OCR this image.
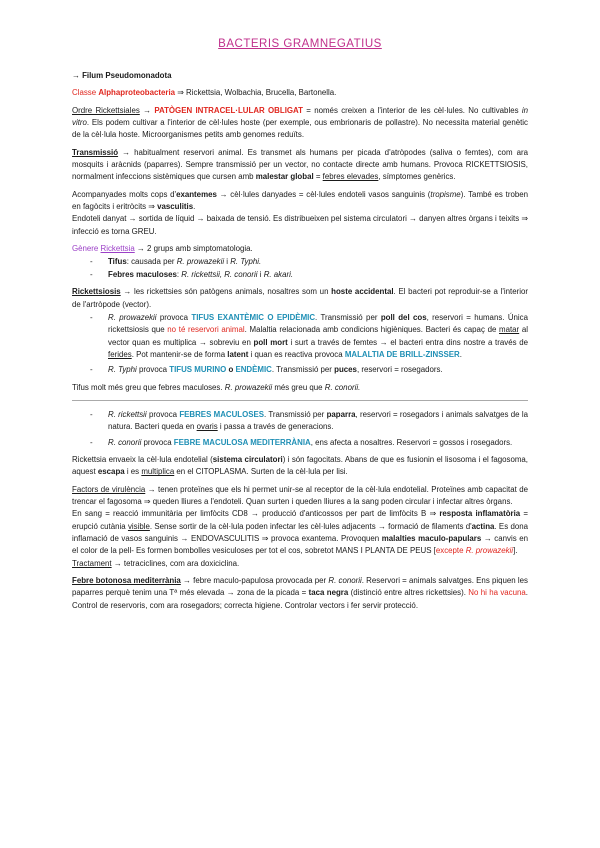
BACTERIS GRAMNEGATIUS

→ Filum Pseudomonadota

Classe Alphaproteobacteria ⇒ Rickettsia, Wolbachia, Brucella, Bartonella.

Ordre Rickettsiales → PATÒGEN INTRACEL·LULAR OBLIGAT = només creixen a l'interior de les cèl·lules. No cultivables in vitro. Els podem cultivar a l'interior de cèl·lules hoste (per exemple, ous embrionaris de pollastre). No necessita material genètic de la cèl·lula hoste. Microorganismes petits amb genomes reduïts.

Transmissió → habitualment reservori animal. Es transmet als humans per picada d'atròpodes (saliva o femtes), com ara mosquits i aràcnids (paparres). Sempre transmissió per un vector, no contacte directe amb humans. Provoca RICKETTSIOSIS, normalment infeccions sistèmiques que cursen amb malestar global = febres elevades, símptomes genèrics.

Acompanyades molts cops d'exantemes → cèl·lules danyades = cèl·lules endoteli vasos sanguinis (tropisme). També es troben en fagòcits i eritròcits ⇒ vasculitis.
Endoteli danyat → sortida de líquid → baixada de tensió. Es distribueixen pel sistema circulatori → danyen altres òrgans i teixits ⇒ infecció es torna GREU.

Gènere Rickettsia → 2 grups amb simptomatologia.

- Tifus: causada per R. prowazekii i R. Typhi.
- Febres maculoses: R. rickettsii, R. conorii i R. akari.

Rickettsiosis → les rickettsies són patògens animals, nosaltres som un hoste accidental. El bacteri pot reproduir-se a l'interior de l'artròpode (vector).

- R. prowazekii provoca TIFUS EXANTÈMIC O EPIDÈMIC. Transmissió per poll del cos, reservori = humans. Única rickettsiosis que no té reservori animal. Malaltia relacionada amb condicions higièniques. Bacteri és capaç de matar al vector quan es multiplica → sobreviu en poll mort i surt a través de femtes → el bacteri entra dins nostre a través de ferides. Pot mantenir-se de forma latent i quan es reactiva provoca MALALTIA DE BRILL-ZINSSER.
- R. Typhi provoca TIFUS MURINO o ENDÈMIC. Transmissió per puces, reservori = rosegadors.

Tifus molt més greu que febres maculoses. R. prowazekii més greu que R. conorii.

- R. rickettsii provoca FEBRES MACULOSES. Transmissió per paparra, reservori = rosegadors i animals salvatges de la natura. Bacteri queda en ovaris i passa a través de generacions.
- R. conorii provoca FEBRE MACULOSA MEDITERRÀNIA, ens afecta a nosaltres. Reservori = gossos i rosegadors.

Rickettsia envaeix la cèl·lula endotelial (sistema circulatori) i són fagocitats. Abans de que es fusionin el lisosoma i el fagosoma, aquest escapa i es multiplica en el CITOPLASMA. Surten de la cèl·lula per lisi.

Factors de virulència → tenen proteïnes que els hi permet unir-se al receptor de la cèl·lula endotelial. Proteïnes amb capacitat de trencar el fagosoma ⇒ queden lliures a l'endoteli. Quan surten i queden lliures a la sang poden circular i infectar altres òrgans.
En sang = reacció immunitària per limfòcits CD8 → producció d'anticossos per part de limfòcits B ⇒ resposta inflamatòria = erupció cutània visible. Sense sortir de la cèl·lula poden infectar les cèl·lules adjacents → formació de filaments d'actina. Es dona inflamació de vasos sanguinis → ENDOVASCULITIS ⇒ provoca exantema. Provoquen malalties maculo-papulars → canvis en el color de la pell- Es formen bombolles vesiculoses per tot el cos, sobretot MANS I PLANTA DE PEUS [excepte R. prowazekii].

Tractament → tetraciclines, com ara doxiciclina.

Febre botonosa mediterrània → febre maculo-papulosa provocada per R. conorii. Reservori = animals salvatges. Ens piquen les paparres perquè tenim una Tª més elevada → zona de la picada = taca negra (distinció entre altres rickettsies). No hi ha vacuna. Control de reservoris, com ara rosegadors; correcta higiene. Controlar vectors i fer servir protecció.
